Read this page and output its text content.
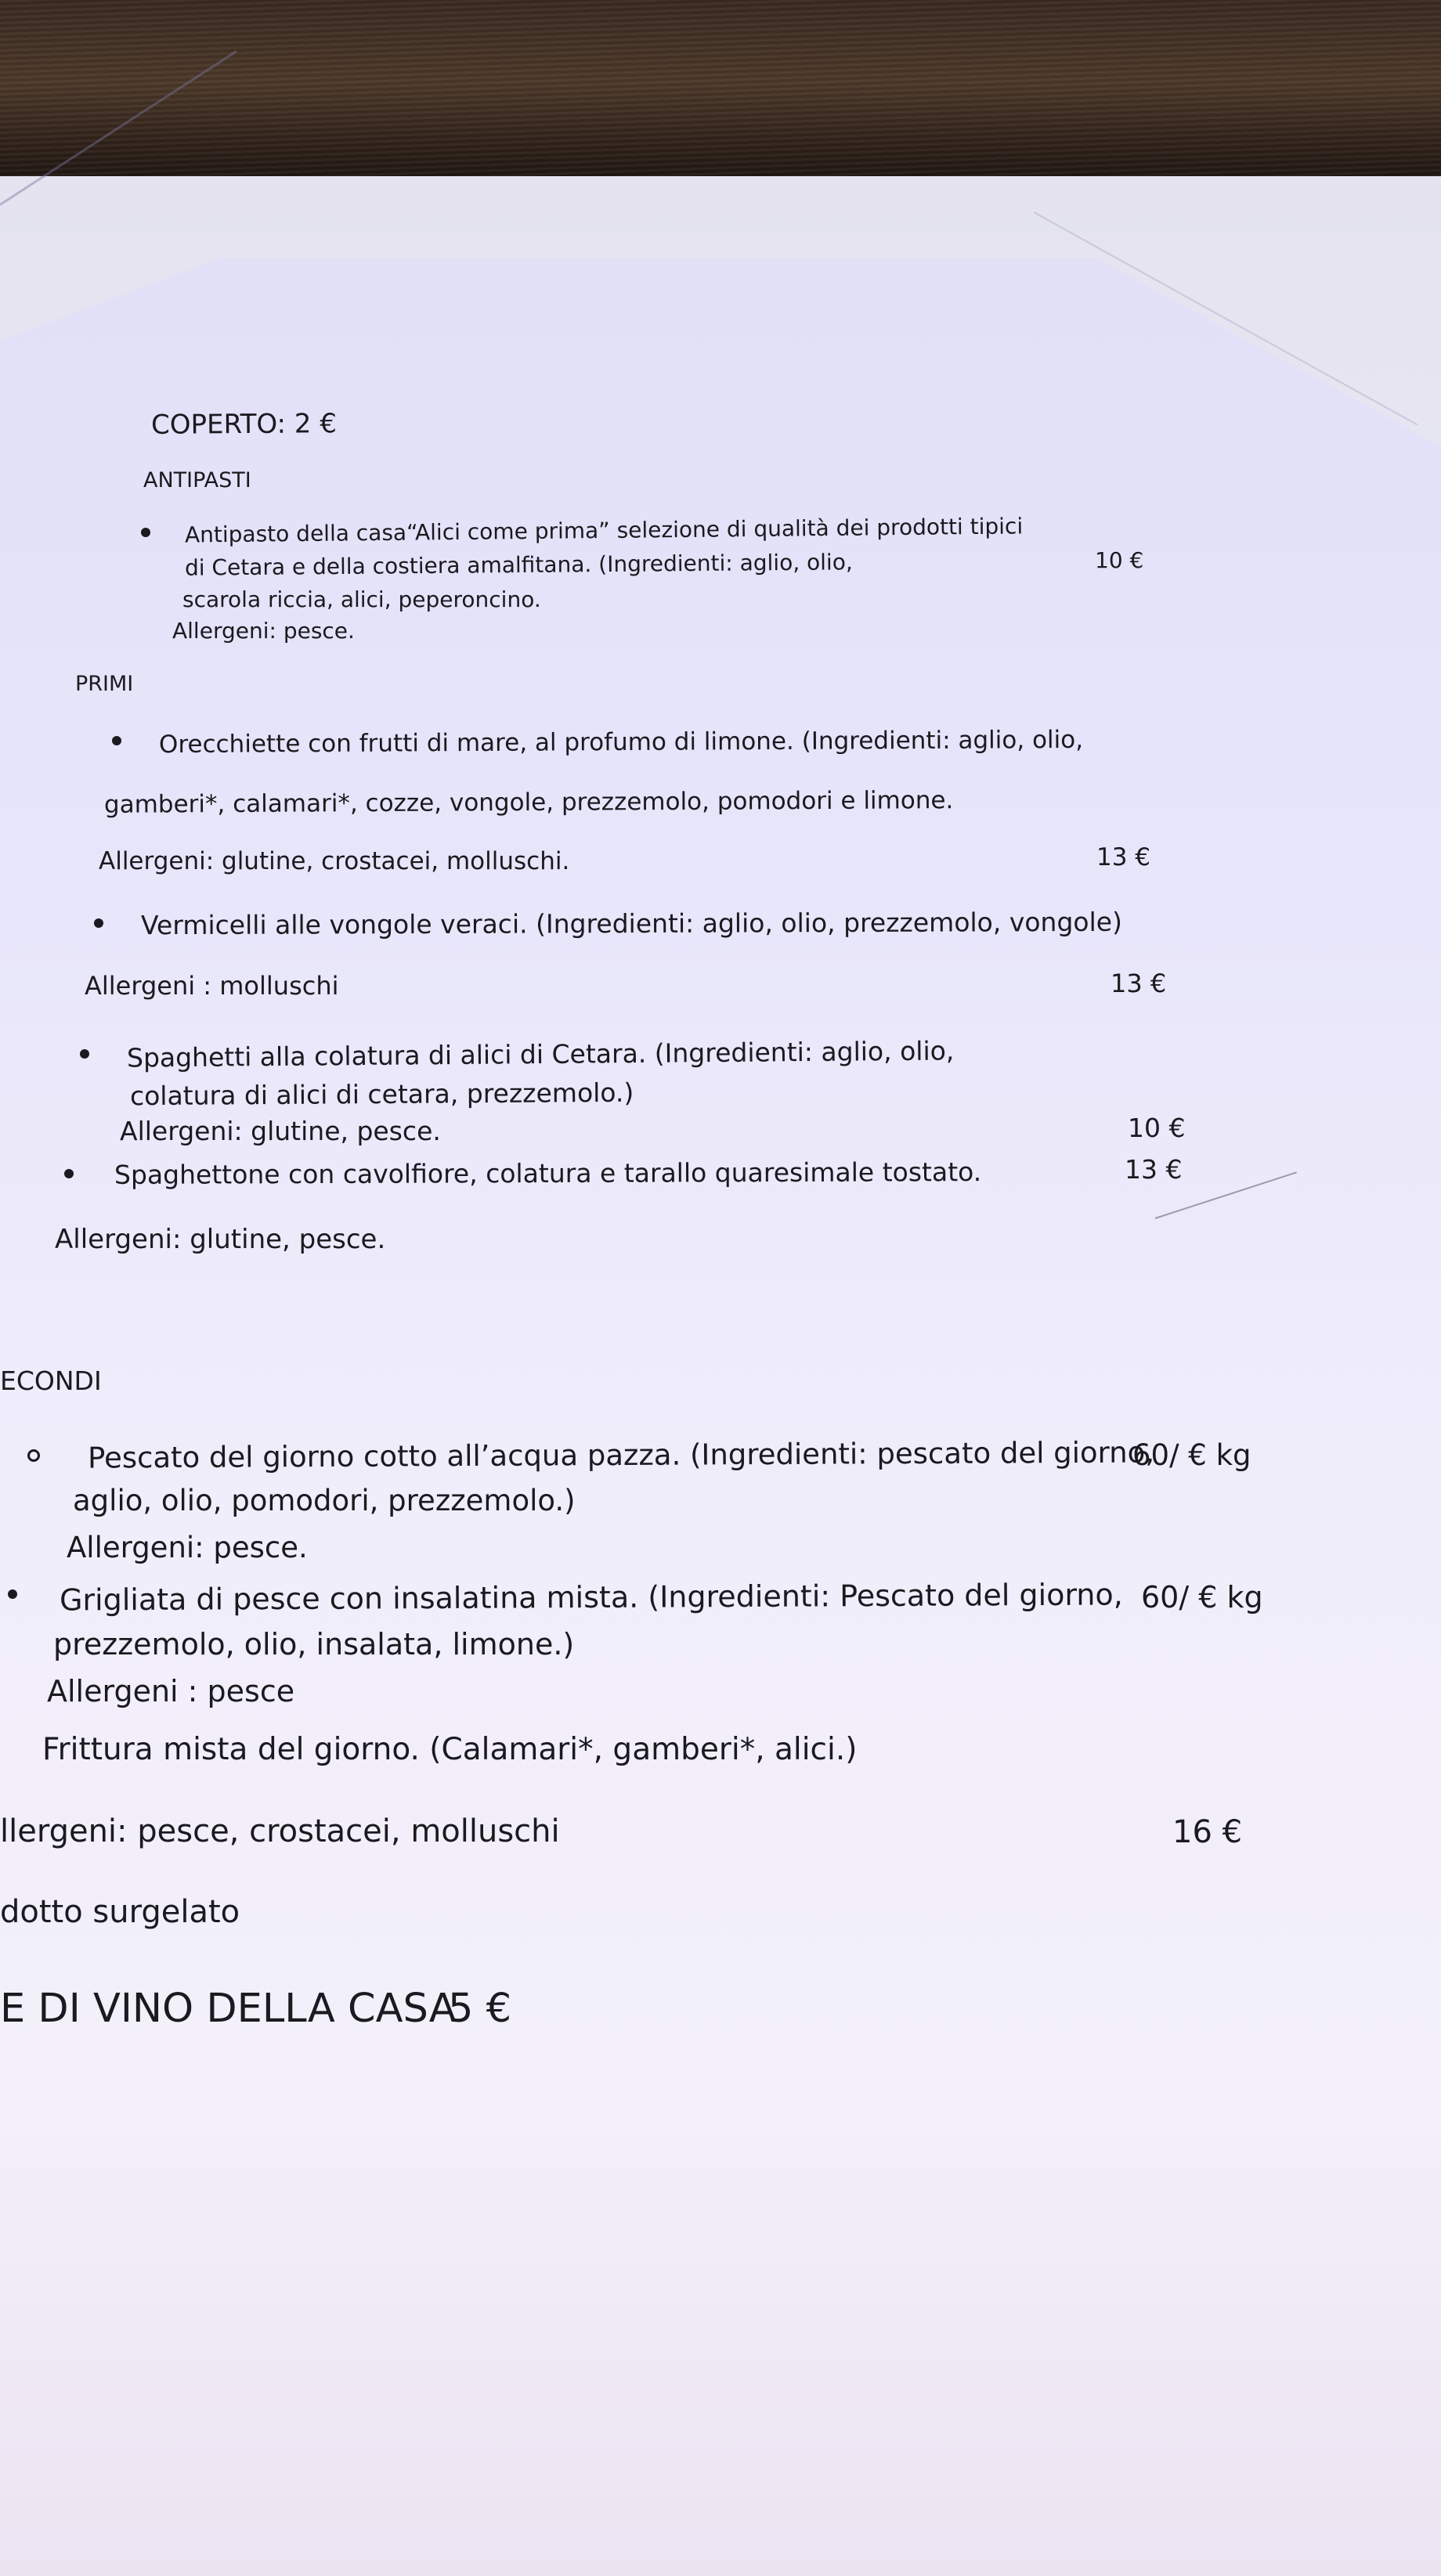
COPERTO: 2 €
ANTIPASTI
Antipasto della casa“Alici come prima” selezione di qualità dei prodotti tipici
di Cetara e della costiera amalfitana. (Ingredienti: aglio, olio,
scarola riccia, alici, peperoncino.
Allergeni: pesce.
10 €
PRIMI
Orecchiette con frutti di mare, al profumo di limone. (Ingredienti: aglio, olio,
gamberi*, calamari*, cozze, vongole, prezzemolo, pomodori e limone.
Allergeni: glutine, crostacei, molluschi.	13 €
Vermicelli alle vongole veraci. (Ingredienti: aglio, olio, prezzemolo, vongole)
Allergeni : molluschi	13 €
Spaghetti alla colatura di alici di Cetara. (Ingredienti: aglio, olio,
colatura di alici di cetara, prezzemolo.)
Allergeni: glutine, pesce.	10 €
Spaghettone con cavolfiore, colatura e tarallo quaresimale tostato.	13 €
Allergeni: glutine, pesce.
ECONDI
Pescato del giorno cotto all’acqua pazza. (Ingredienti: pescato del giorno,
aglio, olio, pomodori, prezzemolo.)
Allergeni: pesce.
60/ € kg
Grigliata di pesce con insalatina mista. (Ingredienti: Pescato del giorno,
prezzemolo, olio, insalata, limone.)
Allergeni : pesce
60/ € kg
Frittura mista del giorno. (Calamari*, gamberi*, alici.)
llergeni: pesce, crostacei, molluschi	16 €
dotto surgelato
E DI VINO DELLA CASA
5 €
